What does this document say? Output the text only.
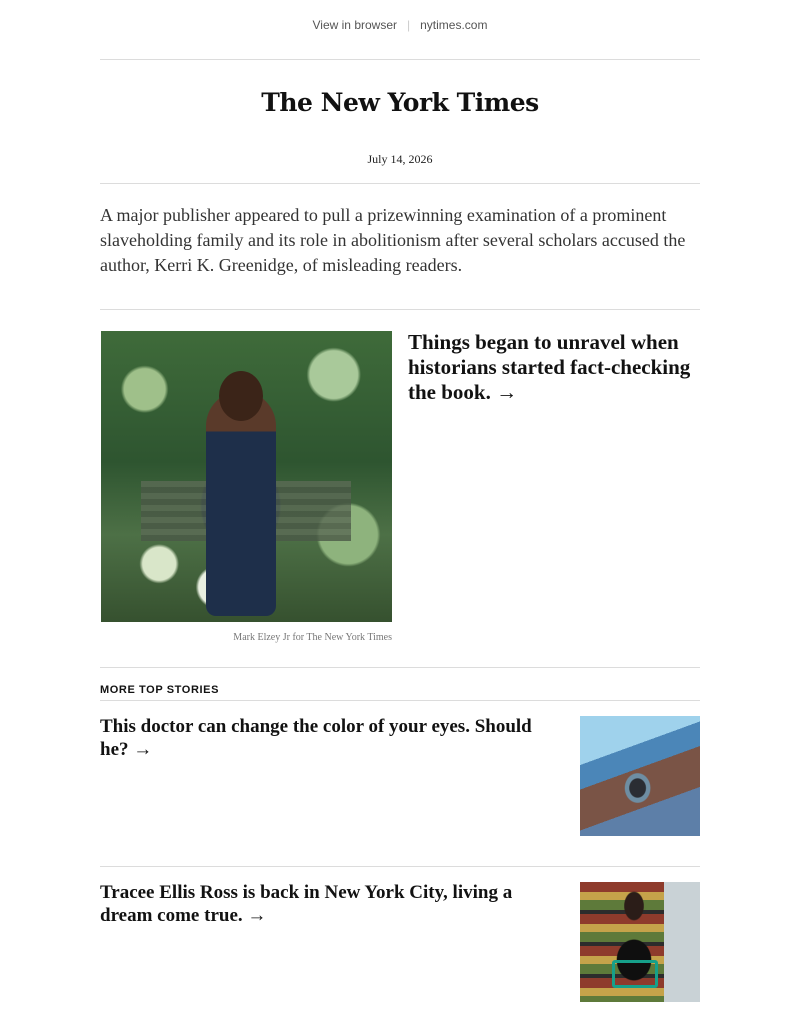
View in browser | nytimes.com
The New York Times
July 14, 2026
A major publisher appeared to pull a prizewinning examination of a prominent slaveholding family and its role in abolitionism after several scholars accused the author, Kerri K. Greenidge, of misleading readers.
Mark Elzey Jr for The New York Times
Things began to unravel when historians started fact-checking the book. →
MORE TOP STORIES
This doctor can change the color of your eyes. Should he? →
Tracee Ellis Ross is back in New York City, living a dream come true. →
